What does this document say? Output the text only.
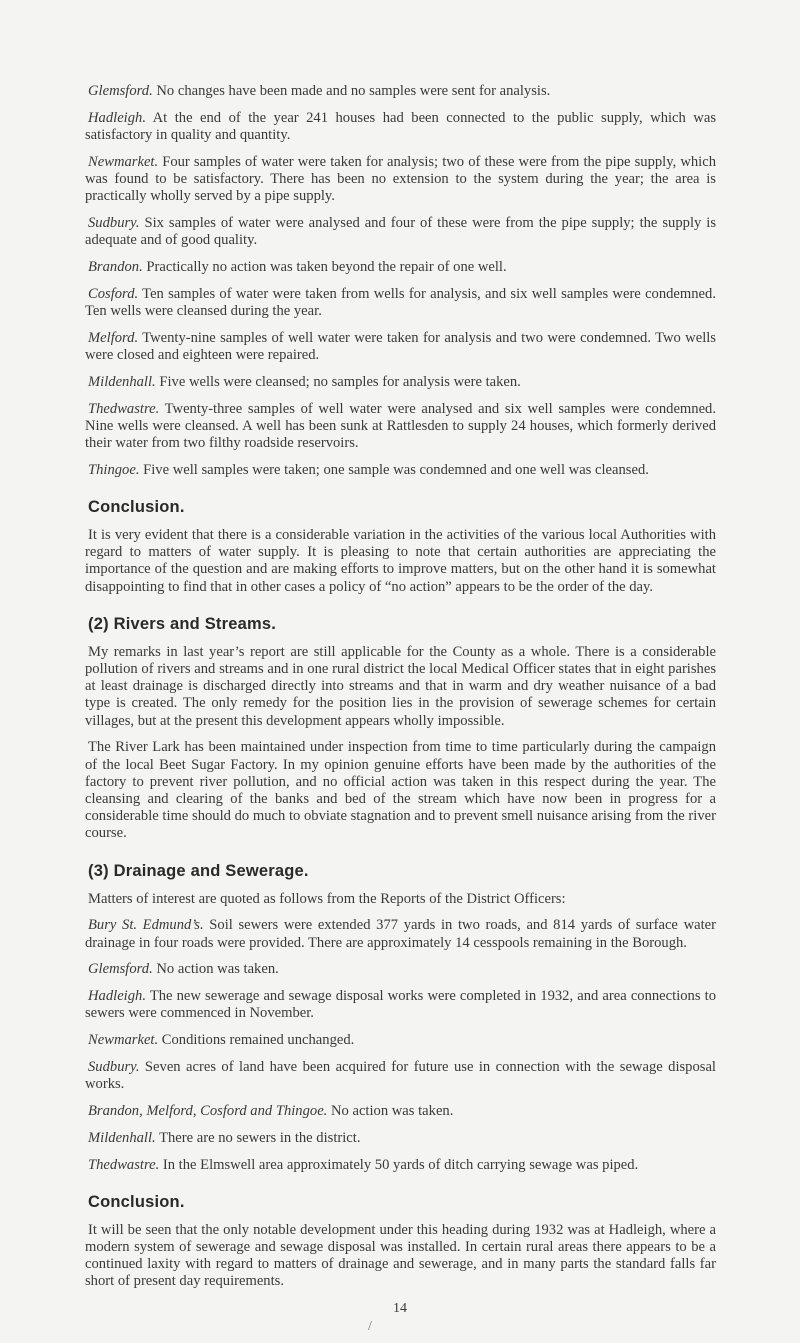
Glemsford. No changes have been made and no samples were sent for analysis.

Hadleigh. At the end of the year 241 houses had been connected to the public supply, which was satisfactory in quality and quantity.

Newmarket. Four samples of water were taken for analysis; two of these were from the pipe supply, which was found to be satisfactory. There has been no extension to the system during the year; the area is practically wholly served by a pipe supply.

Sudbury. Six samples of water were analysed and four of these were from the pipe supply; the supply is adequate and of good quality.

Brandon. Practically no action was taken beyond the repair of one well.

Cosford. Ten samples of water were taken from wells for analysis, and six well samples were condemned. Ten wells were cleansed during the year.

Melford. Twenty-nine samples of well water were taken for analysis and two were condemned. Two wells were closed and eighteen were repaired.

Mildenhall. Five wells were cleansed; no samples for analysis were taken.

Thedwastre. Twenty-three samples of well water were analysed and six well samples were condemned. Nine wells were cleansed. A well has been sunk at Rattlesden to supply 24 houses, which formerly derived their water from two filthy roadside reservoirs.

Thingoe. Five well samples were taken; one sample was condemned and one well was cleansed.

Conclusion.

It is very evident that there is a considerable variation in the activities of the various local Authorities with regard to matters of water supply. It is pleasing to note that certain authorities are appreciating the importance of the question and are making efforts to improve matters, but on the other hand it is somewhat disappointing to find that in other cases a policy of “no action” appears to be the order of the day.

(2) Rivers and Streams.

My remarks in last year’s report are still applicable for the County as a whole. There is a considerable pollution of rivers and streams and in one rural district the local Medical Officer states that in eight parishes at least drainage is discharged directly into streams and that in warm and dry weather nuisance of a bad type is created. The only remedy for the position lies in the provision of sewerage schemes for certain villages, but at the present this development appears wholly impossible.

The River Lark has been maintained under inspection from time to time particularly during the campaign of the local Beet Sugar Factory. In my opinion genuine efforts have been made by the authorities of the factory to prevent river pollution, and no official action was taken in this respect during the year. The cleansing and clearing of the banks and bed of the stream which have now been in progress for a considerable time should do much to obviate stagnation and to prevent smell nuisance arising from the river course.

(3) Drainage and Sewerage.

Matters of interest are quoted as follows from the Reports of the District Officers:

Bury St. Edmund’s. Soil sewers were extended 377 yards in two roads, and 814 yards of surface water drainage in four roads were provided. There are approximately 14 cesspools remaining in the Borough.

Glemsford. No action was taken.

Hadleigh. The new sewerage and sewage disposal works were completed in 1932, and area connections to sewers were commenced in November.

Newmarket. Conditions remained unchanged.

Sudbury. Seven acres of land have been acquired for future use in connection with the sewage disposal works.

Brandon, Melford, Cosford and Thingoe. No action was taken.

Mildenhall. There are no sewers in the district.

Thedwastre. In the Elmswell area approximately 50 yards of ditch carrying sewage was piped.

Conclusion.

It will be seen that the only notable development under this heading during 1932 was at Hadleigh, where a modern system of sewerage and sewage disposal was installed. In certain rural areas there appears to be a continued laxity with regard to matters of drainage and sewerage, and in many parts the standard falls far short of present day requirements.

14
/
